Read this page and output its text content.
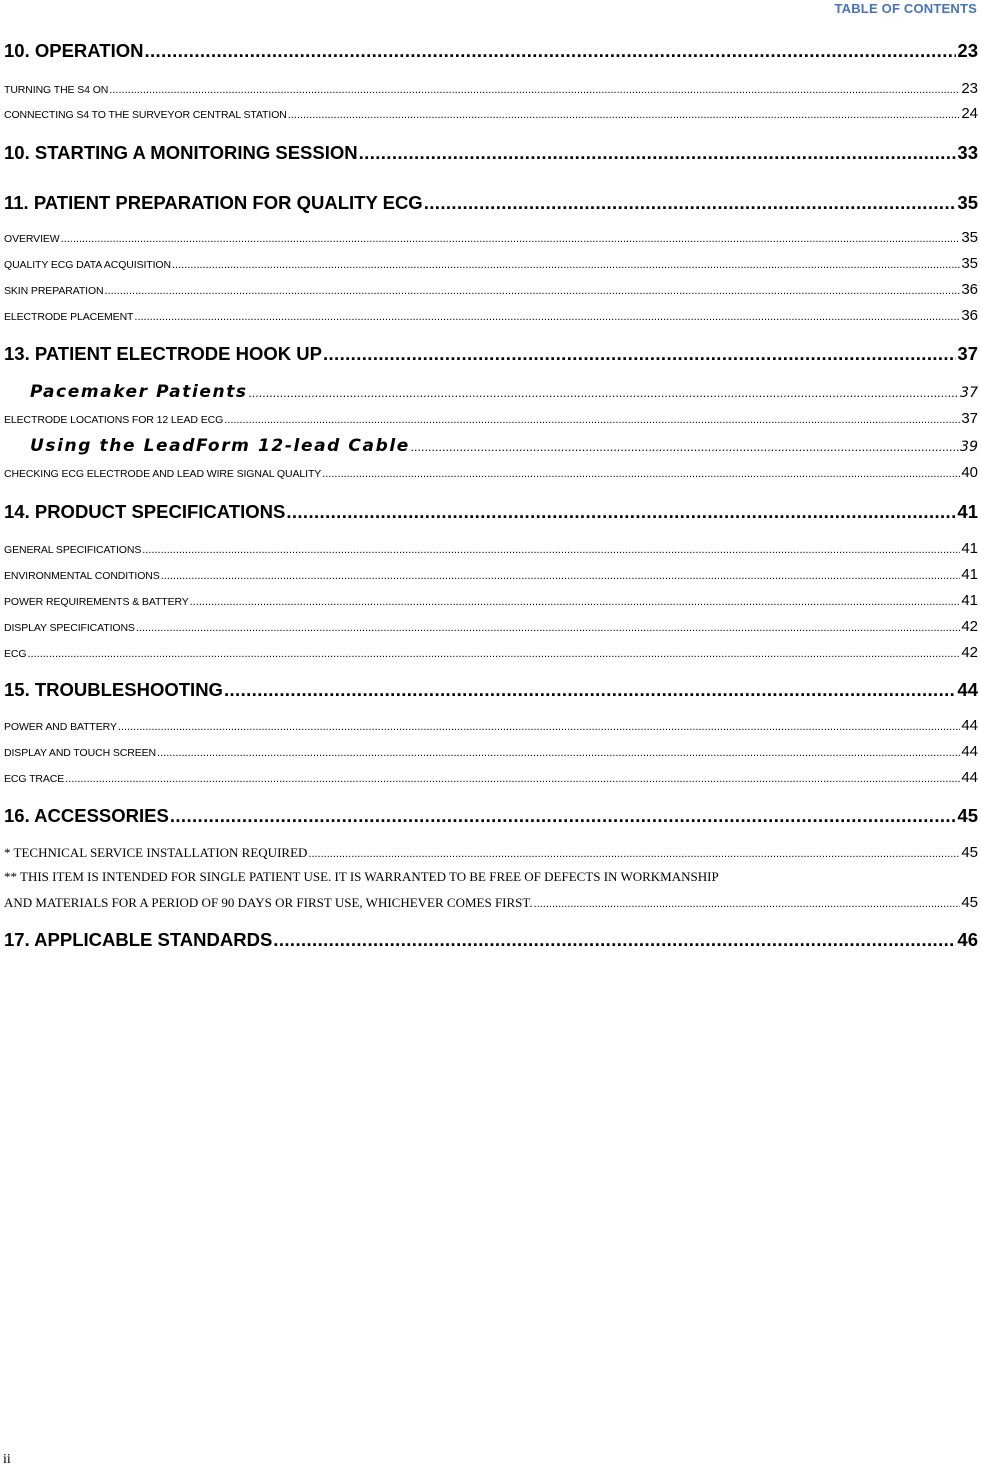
TABLE OF CONTENTS
10. OPERATION .....	23
TURNING THE S4 ON .....	23
CONNECTING S4 TO THE SURVEYOR CENTRAL STATION .....	24
10. STARTING A MONITORING SESSION .....	33
11. PATIENT PREPARATION FOR QUALITY ECG .....	35
OVERVIEW .....	35
QUALITY ECG DATA ACQUISITION .....	35
SKIN PREPARATION .....	36
ELECTRODE PLACEMENT .....	36
13. PATIENT ELECTRODE HOOK UP .....	37
Pacemaker Patients .....	37
ELECTRODE LOCATIONS FOR 12 LEAD ECG .....	37
Using the LeadForm 12-lead Cable .....	39
CHECKING ECG ELECTRODE AND LEAD WIRE SIGNAL QUALITY .....	40
14. PRODUCT SPECIFICATIONS .....	41
GENERAL SPECIFICATIONS .....	41
ENVIRONMENTAL CONDITIONS .....	41
POWER REQUIREMENTS & BATTERY .....	41
DISPLAY SPECIFICATIONS .....	42
ECG .....	42
15. TROUBLESHOOTING .....	44
POWER AND BATTERY .....	44
DISPLAY AND TOUCH SCREEN .....	44
ECG TRACE .....	44
16. ACCESSORIES .....	45
* TECHNICAL SERVICE INSTALLATION REQUIRED .....	45
** THIS ITEM IS INTENDED FOR SINGLE PATIENT USE. IT IS WARRANTED TO BE FREE OF DEFECTS IN WORKMANSHIP
AND MATERIALS FOR A PERIOD OF 90 DAYS OR FIRST USE, WHICHEVER COMES FIRST. .....	45
17. APPLICABLE STANDARDS .....	46
ii
